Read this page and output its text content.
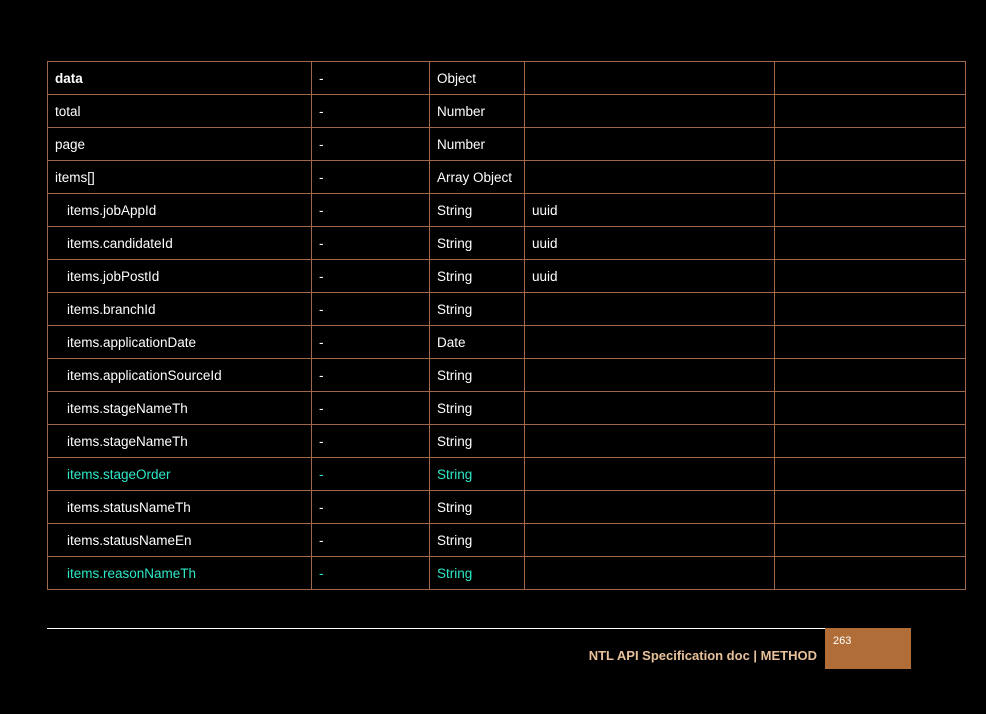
data	-	Object		
total	-	Number		
page	-	Number		
items[]	-	Array Object		
items.jobAppId	-	String	uuid	
items.candidateId	-	String	uuid	
items.jobPostId	-	String	uuid	
items.branchId	-	String		
items.applicationDate	-	Date		
items.applicationSourceId	-	String		
items.stageNameTh	-	String		
items.stageNameTh	-	String		
items.stageOrder	-	String		
items.statusNameTh	-	String		
items.statusNameEn	-	String		
items.reasonNameTh	-	String		
NTL API Specification doc | METHOD
263
